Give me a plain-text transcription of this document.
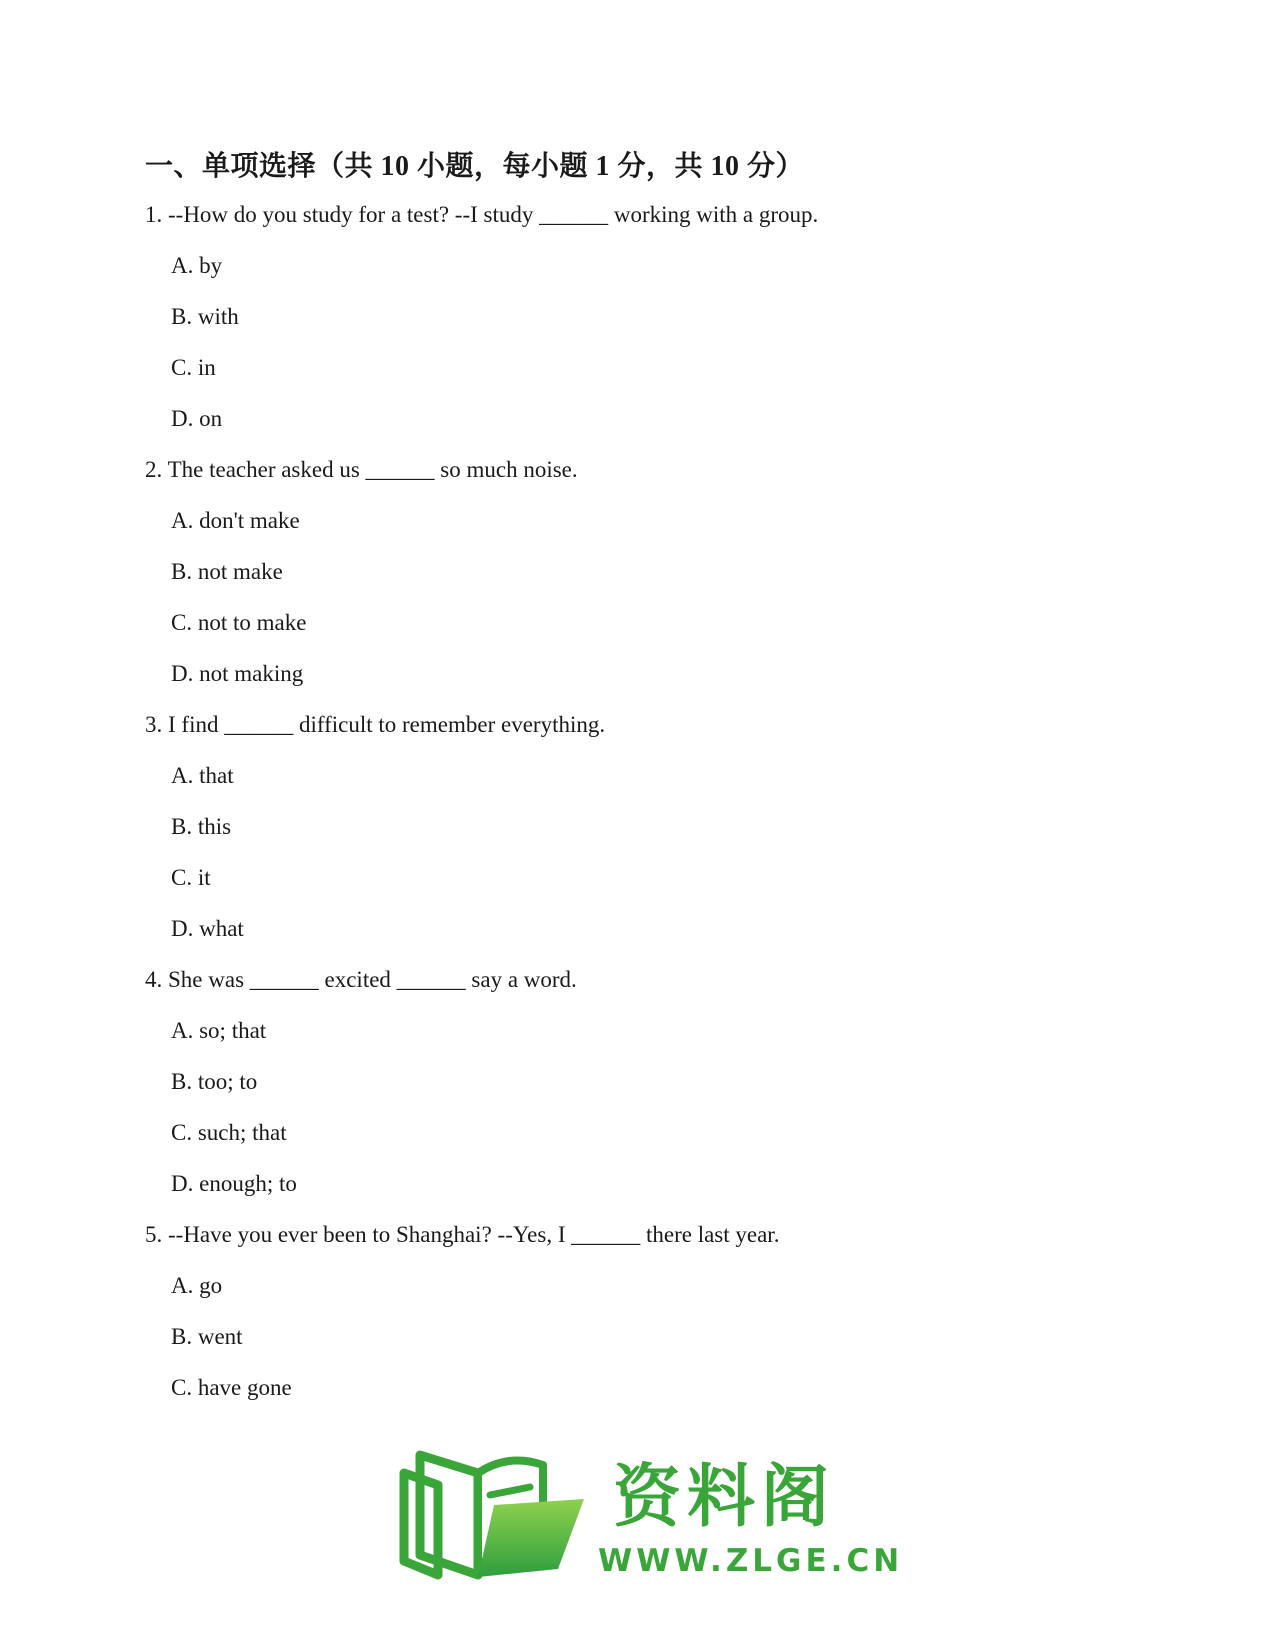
一、单项选择（共 10 小题，每小题 1 分，共 10 分）
1. --How do you study for a test? --I study ______ working with a group.
A. by
B. with
C. in
D. on
2. The teacher asked us ______ so much noise.
A. don't make
B. not make
C. not to make
D. not making
3. I find ______ difficult to remember everything.
A. that
B. this
C. it
D. what
4. She was ______ excited ______ say a word.
A. so; that
B. too; to
C. such; that
D. enough; to
5. --Have you ever been to Shanghai? --Yes, I ______ there last year.
A. go
B. went
C. have gone
资料阁
WWW.ZLGE.CN
